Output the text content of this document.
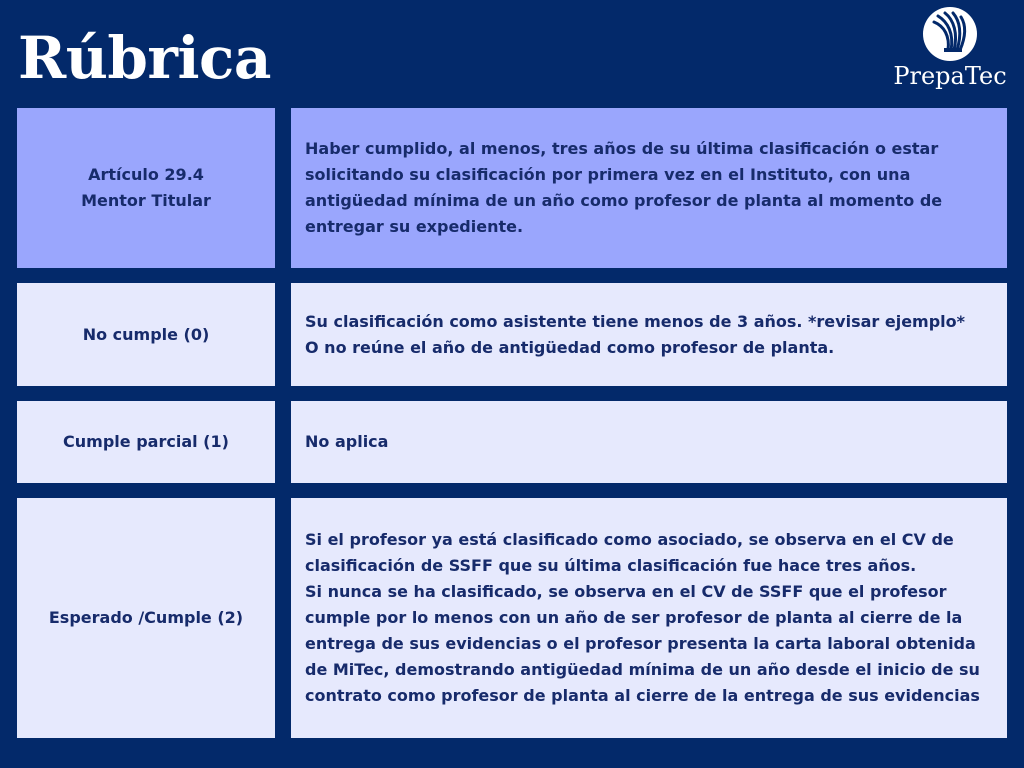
Rúbrica	PrepaTec
Artículo 29.4
Mentor Titular
Haber cumplido, al menos, tres años de su última clasificación o estar solicitando su clasificación por primera vez en el Instituto, con una antigüedad mínima de un año como profesor de planta al momento de entregar su expediente.
No cumple (0)
Su clasificación como asistente tiene menos de 3 años. *revisar ejemplo*
O no reúne el año de antigüedad como profesor de planta.
Cumple parcial (1)	No aplica
Esperado /Cumple (2)
Si el profesor ya está clasificado como asociado, se observa en el CV de clasificación de SSFF que su última clasificación fue hace tres años.
Si nunca se ha clasificado, se observa en el CV de SSFF que el profesor cumple por lo menos con un año de ser profesor de planta al cierre de la entrega de sus evidencias o el profesor presenta la carta laboral obtenida de MiTec, demostrando antigüedad mínima de un año desde el inicio de su contrato como profesor de planta al cierre de la entrega de sus evidencias
